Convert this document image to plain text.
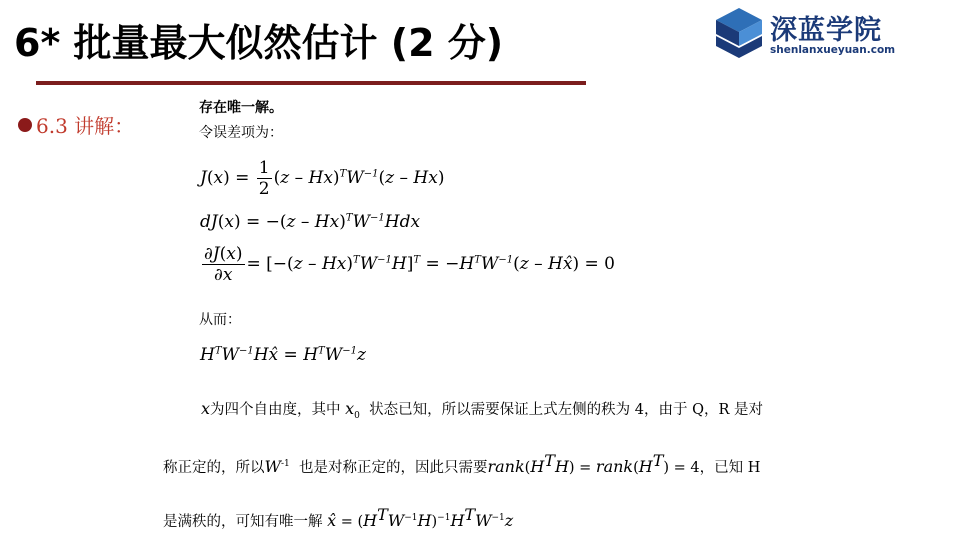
6* 批量最大似然估计 (2 分)	深蓝学院
shenlanxueyuan.com
6.3 讲解：
存在唯一解。
令误差项为：
$J(x) = \frac{1}{2} (z - Hx)^TW^{-1}(z - Hx)$
$dJ(x) = -(z - Hx)^TW^{-1}Hdx$
$\frac{\partial J(x)}{\partial x} = [-(z - Hx)^TW^{-1}H]^T = -H^TW^{-1}(z$ – Hx̂) = 0
从而：
$H^TW^{-1}Hx̂ = H^TW^{-1}z$
x为四个自由度，其中 $x_0$ 状态已知，所以需要保证上式左侧的秩为 4，由于 Q，R 是对
称正定的，所以$W^{-1}$ 也是对称正定的，因此只需要$rank(H^TH)$ = $rank(H^T) = 4$，已知 H
是满秩的，可知有唯一解 x̂ = $(H^TW^{-1}H)^{-1}H^TW^{-1}z$
